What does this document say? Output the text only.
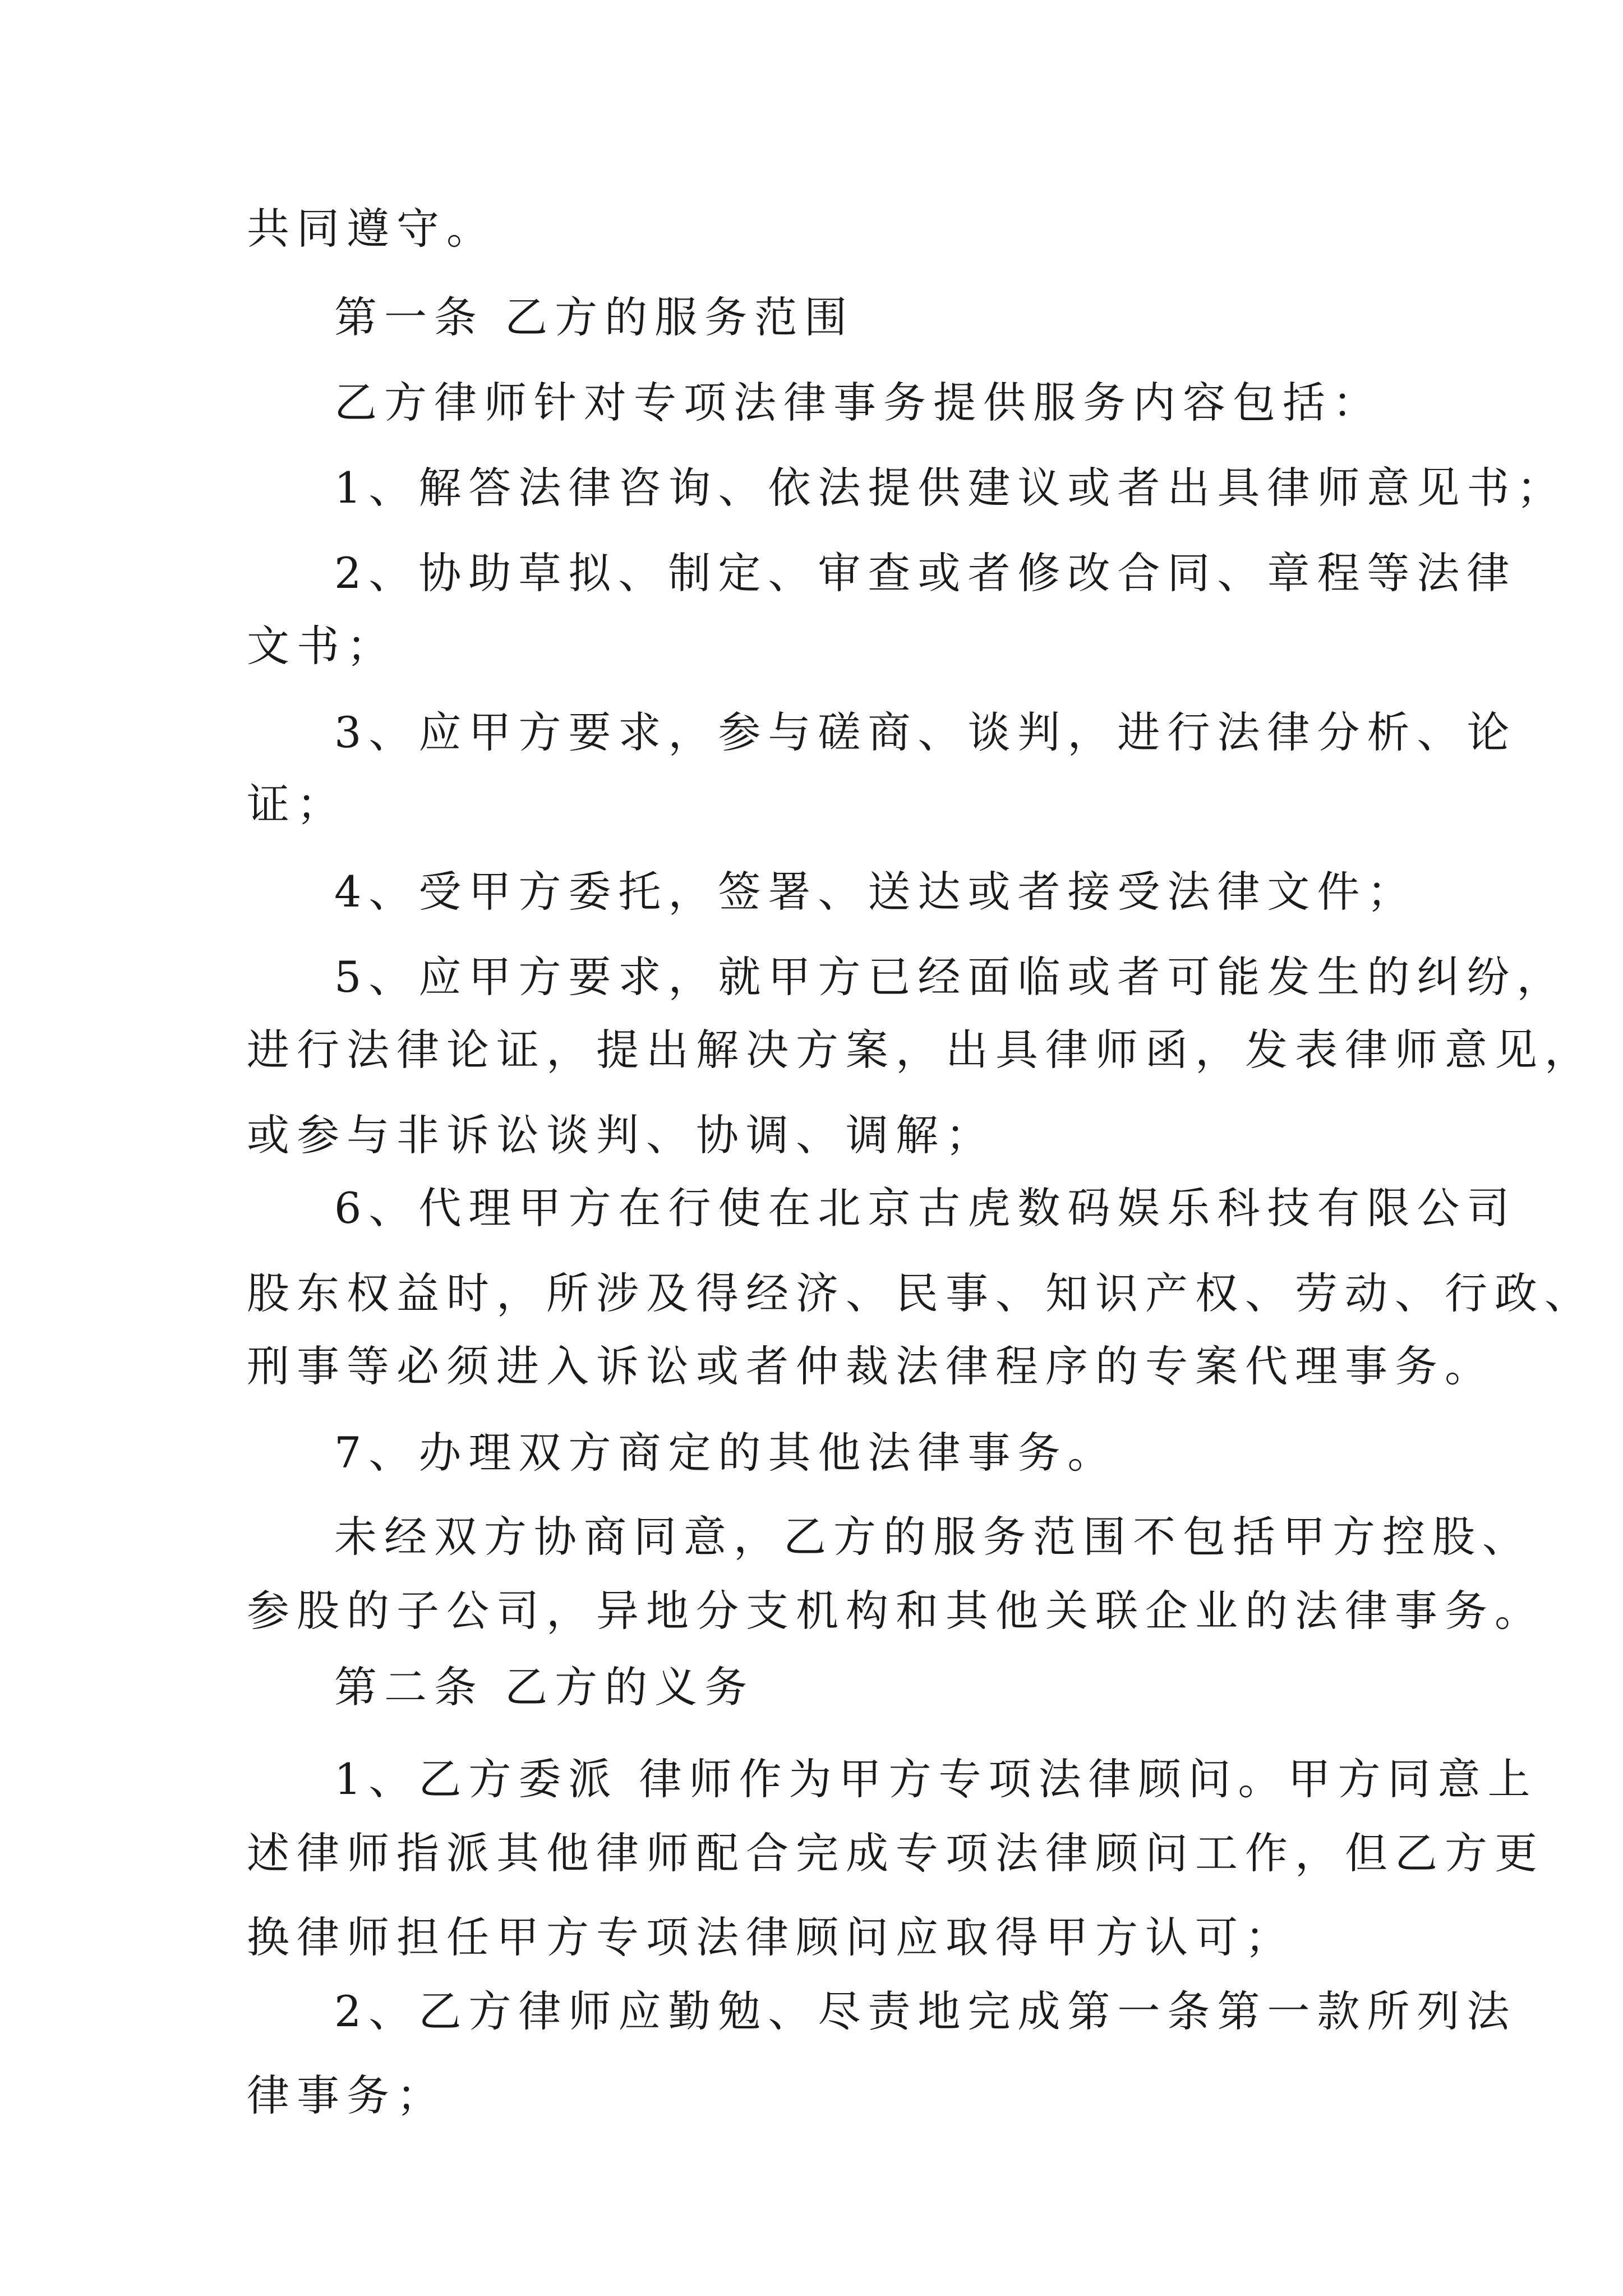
共同遵守。
第一条 乙方的服务范围
乙方律师针对专项法律事务提供服务内容包括：
1、解答法律咨询、依法提供建议或者出具律师意见书；
2、协助草拟、制定、审查或者修改合同、章程等法律
文书；
3、应甲方要求，参与磋商、谈判，进行法律分析、论
证；
4、受甲方委托，签署、送达或者接受法律文件；
5、应甲方要求，就甲方已经面临或者可能发生的纠纷，
进行法律论证，提出解决方案，出具律师函，发表律师意见，
或参与非诉讼谈判、协调、调解；
6、代理甲方在行使在北京古虎数码娱乐科技有限公司
股东权益时，所涉及得经济、民事、知识产权、劳动、行政、
刑事等必须进入诉讼或者仲裁法律程序的专案代理事务。
7、办理双方商定的其他法律事务。
未经双方协商同意，乙方的服务范围不包括甲方控股、
参股的子公司，异地分支机构和其他关联企业的法律事务。
第二条 乙方的义务
1、乙方委派 律师作为甲方专项法律顾问。甲方同意上
述律师指派其他律师配合完成专项法律顾问工作，但乙方更
换律师担任甲方专项法律顾问应取得甲方认可；
2、乙方律师应勤勉、尽责地完成第一条第一款所列法
律事务；
